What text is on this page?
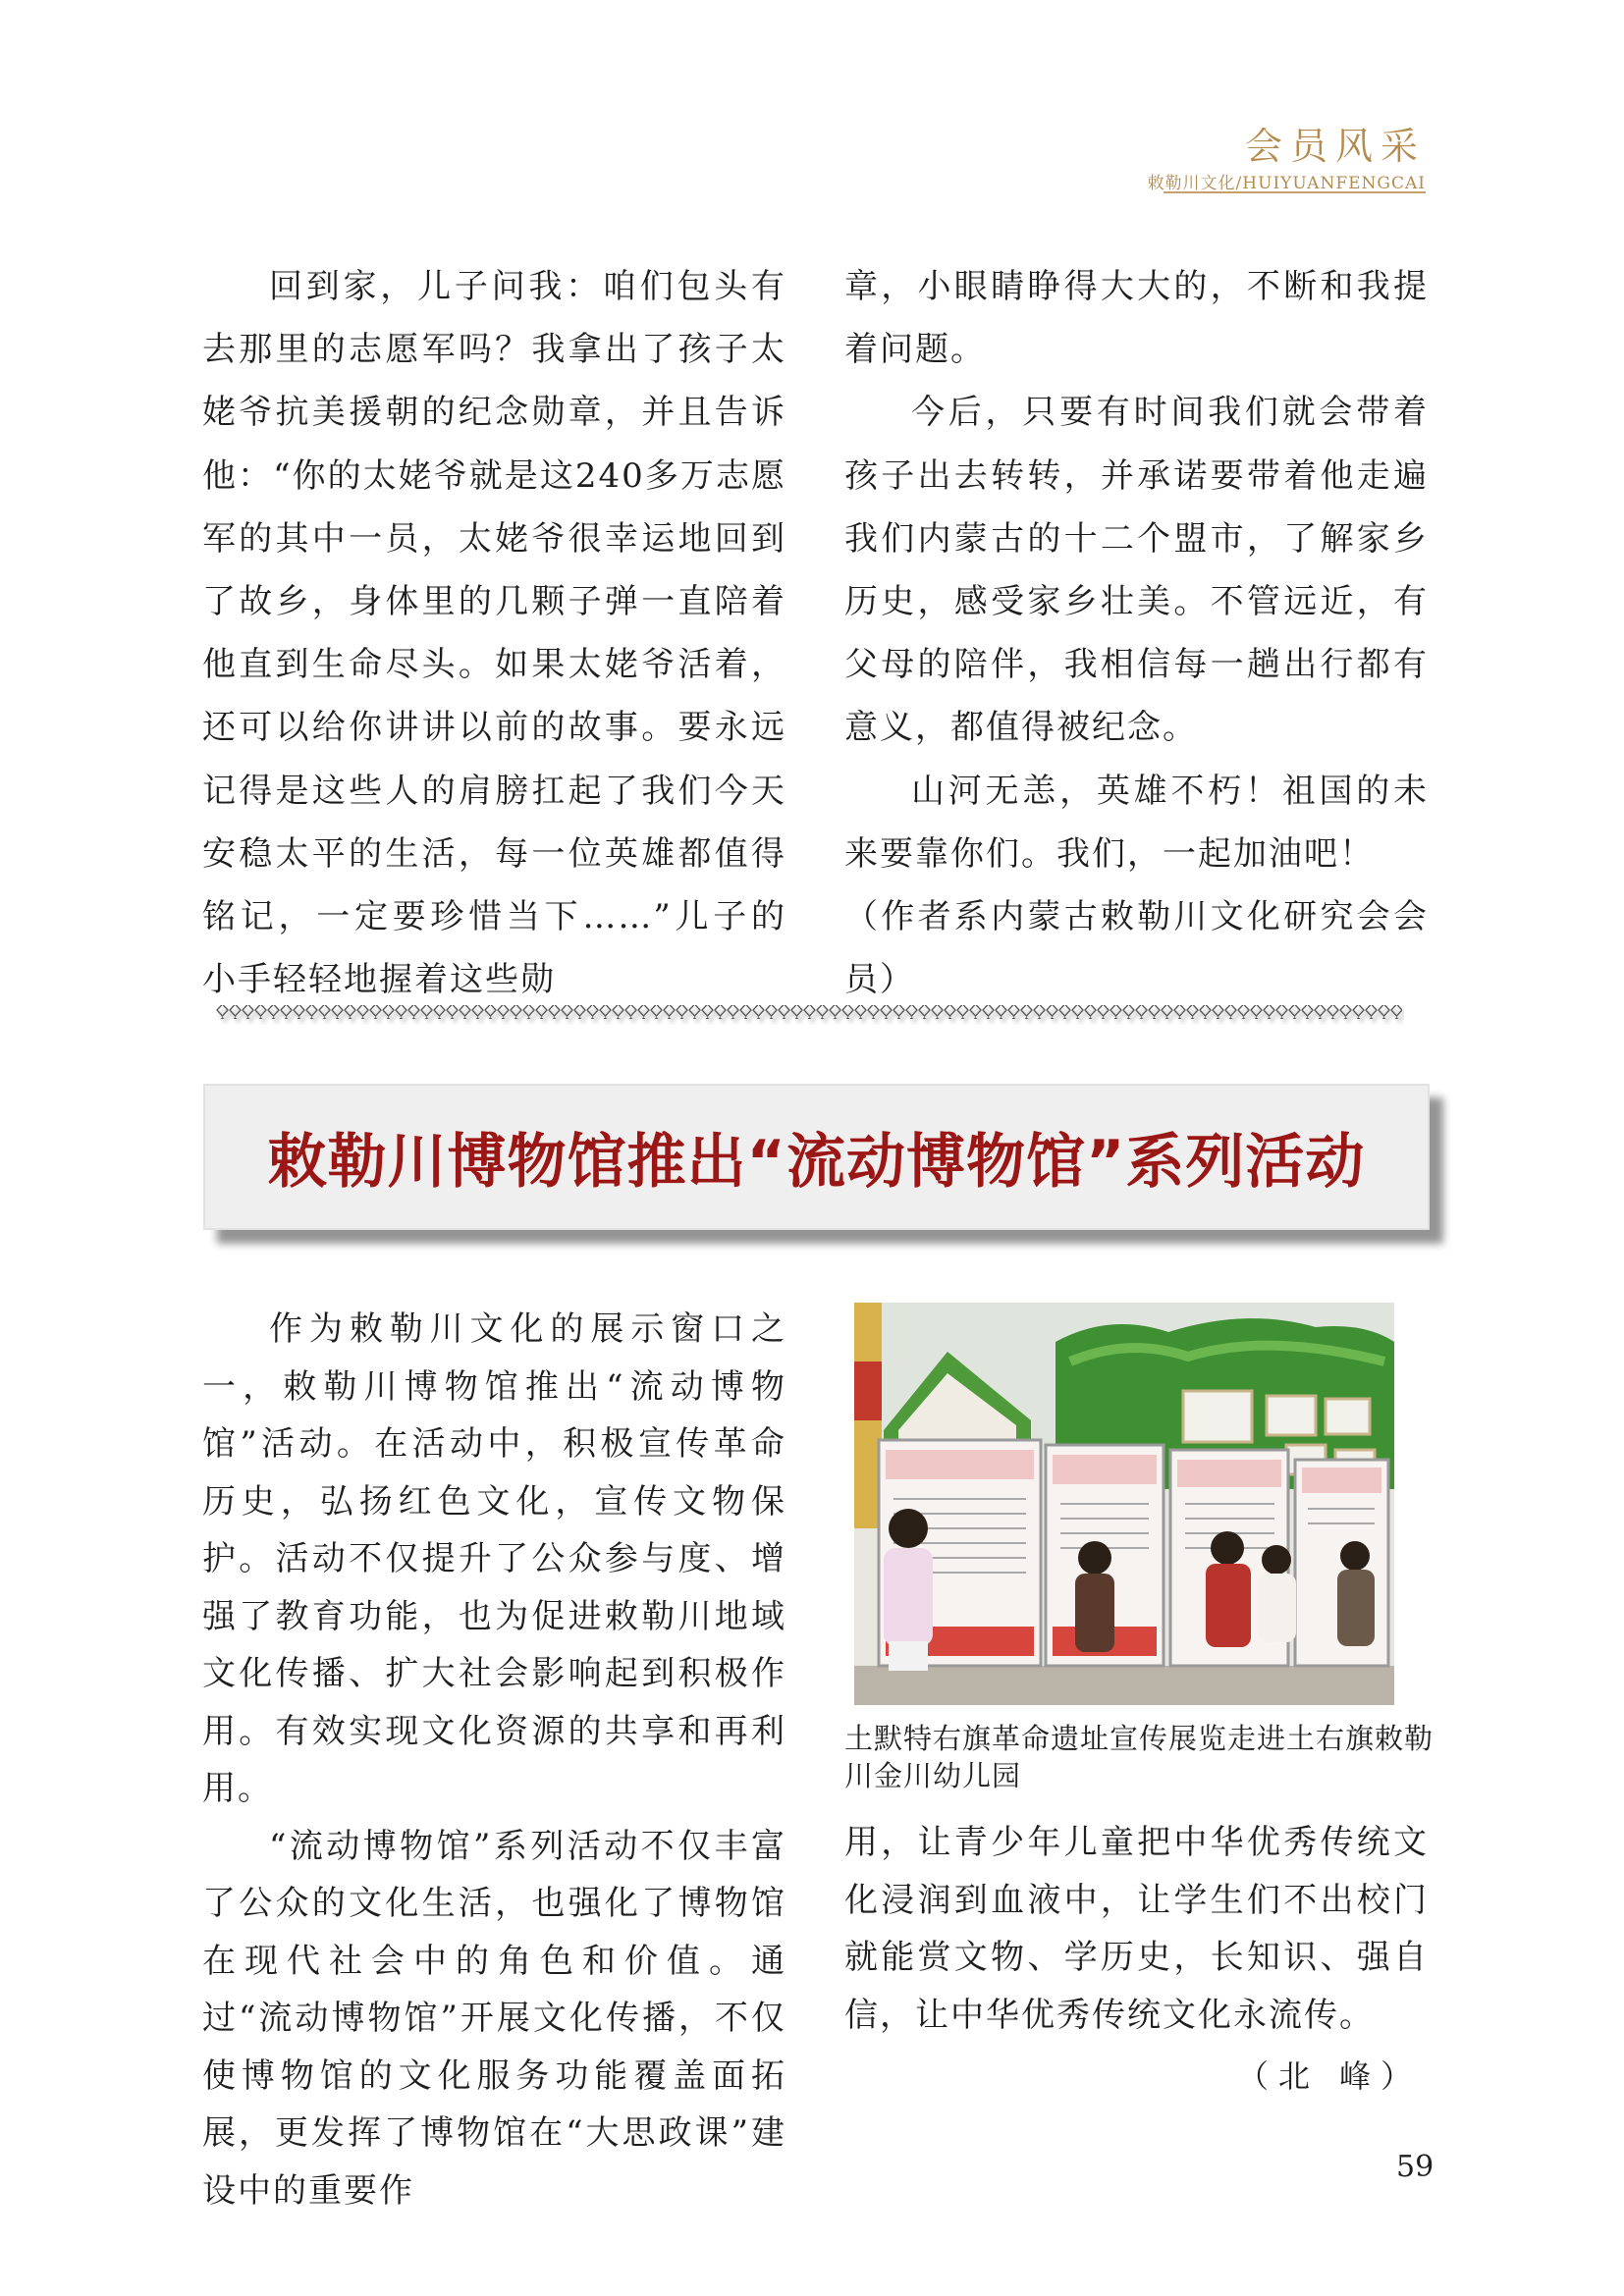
会员风采
敕勒川文化/HUIYUANFENGCAI

回到家，儿子问我：咱们包头有去那里的志愿军吗？我拿出了孩子太姥爷抗美援朝的纪念勋章，并且告诉他：“你的太姥爷就是这240多万志愿军的其中一员，太姥爷很幸运地回到了故乡，身体里的几颗子弹一直陪着他直到生命尽头。如果太姥爷活着，还可以给你讲讲以前的故事。要永远记得是这些人的肩膀扛起了我们今天安稳太平的生活，每一位英雄都值得铭记，一定要珍惜当下……”儿子的小手轻轻地握着这些勋

章，小眼睛睁得大大的，不断和我提着问题。

今后，只要有时间我们就会带着孩子出去转转，并承诺要带着他走遍我们内蒙古的十二个盟市，了解家乡历史，感受家乡壮美。不管远近，有父母的陪伴，我相信每一趟出行都有意义，都值得被纪念。

山河无恙，英雄不朽！祖国的未来要靠你们。我们，一起加油吧！

（作者系内蒙古敕勒川文化研究会会员）

敕勒川博物馆推出“流动博物馆”系列活动

作为敕勒川文化的展示窗口之一，敕勒川博物馆推出“流动博物馆”活动。在活动中，积极宣传革命历史，弘扬红色文化，宣传文物保护。活动不仅提升了公众参与度、增强了教育功能，也为促进敕勒川地域文化传播、扩大社会影响起到积极作用。有效实现文化资源的共享和再利用。

“流动博物馆”系列活动不仅丰富了公众的文化生活，也强化了博物馆在现代社会中的角色和价值。通过“流动博物馆”开展文化传播，不仅使博物馆的文化服务功能覆盖面拓展，更发挥了博物馆在“大思政课”建设中的重要作

土默特右旗革命遗址宣传展览走进土右旗敕勒川金川幼儿园

用，让青少年儿童把中华优秀传统文化浸润到血液中，让学生们不出校门就能赏文物、学历史，长知识、强自信，让中华优秀传统文化永流传。

（北 峰）
59
